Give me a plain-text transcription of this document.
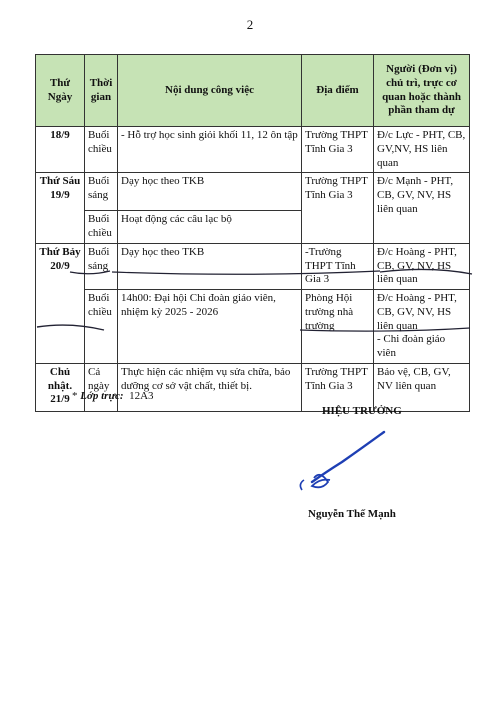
2
Thứ Ngày	Thời gian	Nội dung công việc	Địa điểm	Người (Đơn vị) chủ trì, trực cơ quan hoặc thành phần tham dự
18/9	Buổi chiều	- Hỗ trợ học sinh giỏi khối 11, 12 ôn tập	Trường THPT Tĩnh Gia 3	Đ/c Lực - PHT, CB, GV,NV, HS liên quan
Thứ Sáu 19/9	Buổi sáng	Dạy học theo TKB	Trường THPT Tĩnh Gia 3	Đ/c Mạnh - PHT, CB, GV, NV, HS liên quan
	Buổi chiều	Hoạt động các câu lạc bộ		
Thứ Bảy 20/9	Buổi sáng	Dạy học theo TKB	-Trường THPT Tĩnh Gia 3	Đ/c Hoàng - PHT, CB, GV, NV, HS liên quan
	Buổi chiều	14h00: Đại hội Chi đoàn giáo viên, nhiệm kỳ 2025 - 2026	Phòng Hội trường nhà trường	Đ/c Hoàng - PHT, CB, GV, NV, HS liên quan
- Chi đoàn giáo viên

Chủ nhật. 21/9	Cả ngày	Thực hiện các nhiệm vụ sửa chữa, bảo dưỡng cơ sở vật chất, thiết bị.	Trường THPT Tĩnh Gia 3	Bảo vệ, CB, GV, NV liên quan
* Lớp trực: 12A3
HIỆU TRƯỞNG
Nguyễn Thế Mạnh
